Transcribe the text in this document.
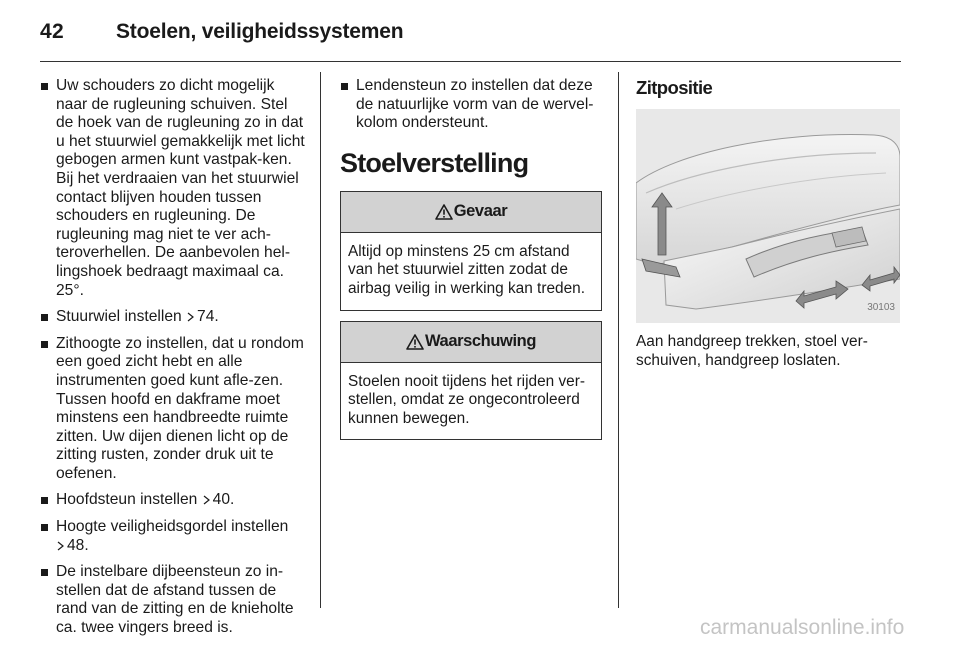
42 Stoelen, veiligheidssystemen
Uw schouders zo dicht mogelijk naar de rugleuning schuiven. Stel de hoek van de rugleuning zo in dat u het stuurwiel gemakkelijk met licht gebogen armen kunt vastpak-ken. Bij het verdraaien van het stuurwiel contact blijven houden tussen schouders en rugleuning. De rugleuning mag niet te ver ach-teroverhellen. De aanbevolen hel-lingshoek bedraagt maximaal ca. 25°.
Stuurwiel instellen 74.
Zithoogte zo instellen, dat u rondom een goed zicht hebt en alle instrumenten goed kunt afle-zen. Tussen hoofd en dakframe moet minstens een handbreedte ruimte zitten. Uw dijen dienen licht op de zitting rusten, zonder druk uit te oefenen.
Hoofdsteun instellen 40.
Hoogte veiligheidsgordel instellen
48.
De instelbare dijbeensteun zo in-stellen dat de afstand tussen de rand van de zitting en de knieholte ca. twee vingers breed is.
Lendensteun zo instellen dat deze de natuurlijke vorm van de wervel-kolom ondersteunt.
Stoelverstelling
Gevaar
Altijd op minstens 25 cm afstand van het stuurwiel zitten zodat de airbag veilig in werking kan treden.
Waarschuwing
Stoelen nooit tijdens het rijden ver-stellen, omdat ze ongecontroleerd kunnen bewegen.
Zitpositie
30103
Aan handgreep trekken, stoel ver-schuiven, handgreep loslaten.
carmanualsonline.info
